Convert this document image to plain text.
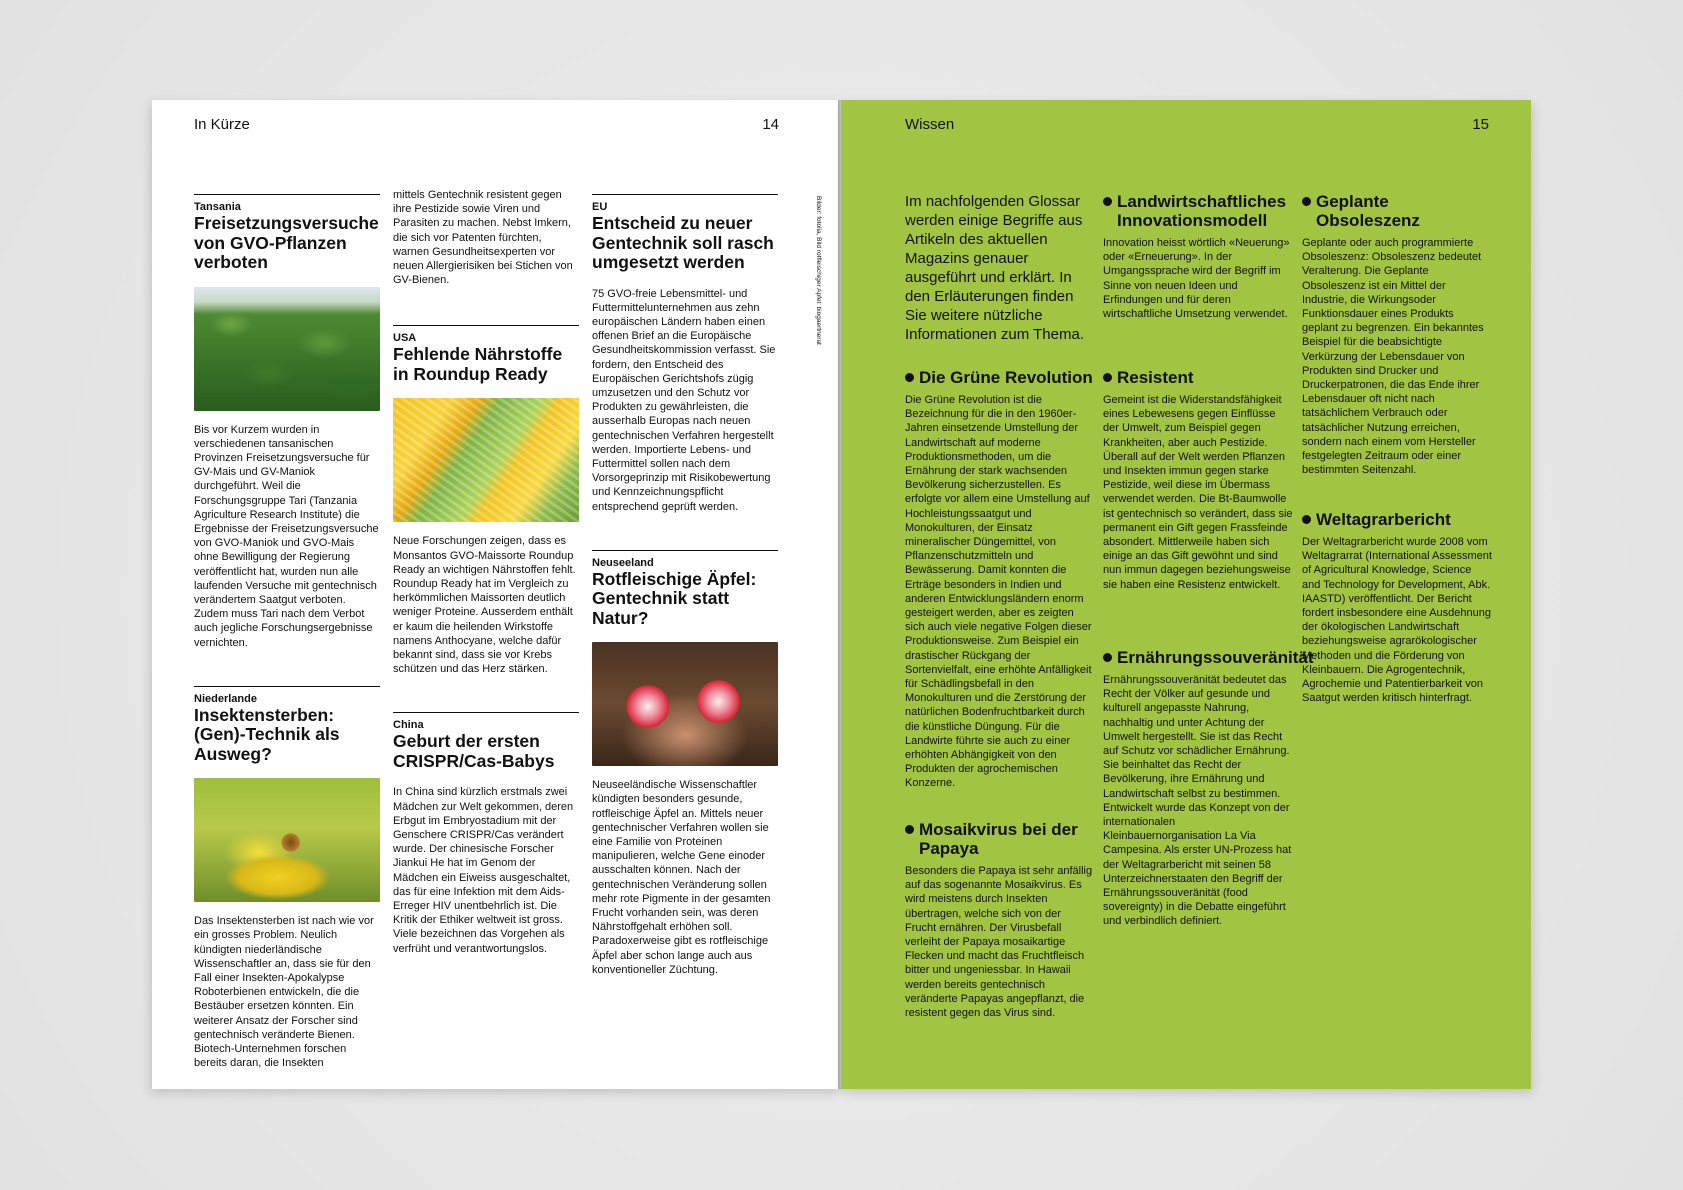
In Kürze	14

Tansania

Freisetzungsversuche von GVO-Pflanzen verboten

Bis vor Kurzem wurden in verschiedenen tansanischen Provinzen Freisetzungsversuche für GV-Mais und GV-Maniok durchgeführt. Weil die Forschungsgruppe Tari (Tanzania Agriculture Research Institute) die Ergebnisse der Freisetzungsversuche von GVO-Maniok und GVO-Mais ohne Bewilligung der Regierung veröffentlicht hat, wurden nun alle laufenden Versuche mit gentechnisch verändertem Saatgut verboten. Zudem muss Tari nach dem Verbot auch jegliche Forschungsergebnisse vernichten.

Niederlande

Insektensterben: (Gen)-Technik als Ausweg?

Das Insektensterben ist nach wie vor ein grosses Problem. Neulich kündigten niederländische Wissenschaftler an, dass sie für den Fall einer Insekten-Apokalypse Roboterbienen entwickeln, die die Bestäuber ersetzen könnten. Ein weiterer Ansatz der Forscher sind gentechnisch veränderte Bienen. Biotech-Unternehmen forschen bereits daran, die Insekten

mittels Gentechnik resistent gegen ihre Pestizide sowie Viren und Parasiten zu machen. Nebst Imkern, die sich vor Patenten fürchten, warnen Gesundheitsexperten vor neuen Allergierisiken bei Stichen von GV-Bienen.

USA

Fehlende Nährstoffe in Roundup Ready

Neue Forschungen zeigen, dass es Monsantos GVO-Maissorte Roundup Ready an wichtigen Nährstoffen fehlt. Roundup Ready hat im Vergleich zu herkömmlichen Maissorten deutlich weniger Proteine. Ausserdem enthält er kaum die heilenden Wirkstoffe namens Anthocyane, welche dafür bekannt sind, dass sie vor Krebs schützen und das Herz stärken.

China

Geburt der ersten CRISPR/Cas-Babys

In China sind kürzlich erstmals zwei Mädchen zur Welt gekommen, deren Erbgut im Embryostadium mit der Genschere CRISPR/Cas verändert wurde. Der chinesische Forscher Jiankui He hat im Genom der Mädchen ein Eiweiss ausgeschaltet, das für eine Infektion mit dem Aids-Erreger HIV unentbehrlich ist. Die Kritik der Ethiker weltweit ist gross. Viele bezeichnen das Vorgehen als verfrüht und verantwortungslos.

EU

Entscheid zu neuer Gentechnik soll rasch umgesetzt werden

75 GVO-freie Lebensmittel- und Futtermittelunternehmen aus zehn europäischen Ländern haben einen offenen Brief an die Europäische Gesundheitskommission verfasst. Sie fordern, den Entscheid des Europäischen Gerichtshofs zügig umzusetzen und den Schutz vor Produkten zu gewährleisten, die ausserhalb Europas nach neuen gentechnischen Verfahren hergestellt werden. Importierte Lebens- und Futtermittel sollen nach dem Vorsorgeprinzip mit Risikobewertung und Kennzeichnungspflicht entsprechend geprüft werden.

Neuseeland

Rotfleischige Äpfel: Gentechnik statt Natur?

Neuseeländische Wissenschaftler kündigten besonders gesunde, rotfleischige Äpfel an. Mittels neuer gentechnischer Verfahren wollen sie eine Familie von Proteinen manipulieren, welche Gene einoder ausschalten können. Nach der gentechnischen Veränderung sollen mehr rote Pigmente in der gesamten Frucht vorhanden sein, was deren Nährstoffgehalt erhöhen soll. Paradoxerweise gibt es rotfleischige Äpfel aber schon lange auch aus konventioneller Züchtung.

Bilder: fotolia, Bild rotfleischiger Apfel: biogaertnerat
Wissen	15

Im nachfolgenden Glossar werden einige Begriffe aus Artikeln des aktuellen Magazins genauer ausgeführt und erklärt. In den Erläuterungen finden Sie weitere nützliche Informationen zum Thema.

Die Grüne Revolution

Die Grüne Revolution ist die Bezeichnung für die in den 1960er-Jahren einsetzende Umstellung der Landwirtschaft auf moderne Produktionsmethoden, um die Ernährung der stark wachsenden Bevölkerung sicherzustellen. Es erfolgte vor allem eine Umstellung auf Hochleistungssaatgut und Monokulturen, der Einsatz mineralischer Düngemittel, von Pflanzenschutzmitteln und Bewässerung. Damit konnten die Erträge besonders in Indien und anderen Entwicklungsländern enorm gesteigert werden, aber es zeigten sich auch viele negative Folgen dieser Produktionsweise. Zum Beispiel ein drastischer Rückgang der Sortenvielfalt, eine erhöhte Anfälligkeit für Schädlingsbefall in den Monokulturen und die Zerstörung der natürlichen Bodenfruchtbarkeit durch die künstliche Düngung. Für die Landwirte führte sie auch zu einer erhöhten Abhängigkeit von den Produkten der agrochemischen Konzerne.

Mosaikvirus bei der Papaya

Besonders die Papaya ist sehr anfällig auf das sogenannte Mosaikvirus. Es wird meistens durch Insekten übertragen, welche sich von der Frucht ernähren. Der Virusbefall verleiht der Papaya mosaikartige Flecken und macht das Fruchtfleisch bitter und ungeniessbar. In Hawaii werden bereits gentechnisch veränderte Papayas angepflanzt, die resistent gegen das Virus sind.

Landwirtschaftliches Innovationsmodell

Innovation heisst wörtlich «Neuerung» oder «Erneuerung». In der Umgangssprache wird der Begriff im Sinne von neuen Ideen und Erfindungen und für deren wirtschaftliche Umsetzung verwendet.

Resistent

Gemeint ist die Widerstandsfähigkeit eines Lebewesens gegen Einflüsse der Umwelt, zum Beispiel gegen Krankheiten, aber auch Pestizide. Überall auf der Welt werden Pflanzen und Insekten immun gegen starke Pestizide, weil diese im Übermass verwendet werden. Die Bt-Baumwolle ist gentechnisch so verändert, dass sie permanent ein Gift gegen Frassfeinde absondert. Mittlerweile haben sich einige an das Gift gewöhnt und sind nun immun dagegen beziehungsweise sie haben eine Resistenz entwickelt.

Ernährungssouveränität

Ernährungssouveränität bedeutet das Recht der Völker auf gesunde und kulturell angepasste Nahrung, nachhaltig und unter Achtung der Umwelt hergestellt. Sie ist das Recht auf Schutz vor schädlicher Ernährung. Sie beinhaltet das Recht der Bevölkerung, ihre Ernährung und Landwirtschaft selbst zu bestimmen. Entwickelt wurde das Konzept von der internationalen Kleinbauernorganisation La Via Campesina. Als erster UN-Prozess hat der Weltagrarbericht mit seinen 58 Unterzeichnerstaaten den Begriff der Ernährungssouveränität (food sovereignty) in die Debatte eingeführt und verbindlich definiert.

Geplante Obsoleszenz

Geplante oder auch programmierte Obsoleszenz: Obsoleszenz bedeutet Veralterung. Die Geplante Obsoleszenz ist ein Mittel der Industrie, die Wirkungsoder Funktionsdauer eines Produkts geplant zu begrenzen. Ein bekanntes Beispiel für die beabsichtigte Verkürzung der Lebensdauer von Produkten sind Drucker und Druckerpatronen, die das Ende ihrer Lebensdauer oft nicht nach tatsächlichem Verbrauch oder tatsächlicher Nutzung erreichen, sondern nach einem vom Hersteller festgelegten Zeitraum oder einer bestimmten Seitenzahl.

Weltagrarbericht

Der Weltagrarbericht wurde 2008 vom Weltagrarrat (International Assessment of Agricultural Knowledge, Science and Technology for Development, Abk. IAASTD) veröffentlicht. Der Bericht fordert insbesondere eine Ausdehnung der ökologischen Landwirtschaft beziehungsweise agrarökologischer Methoden und die Förderung von Kleinbauern. Die Agrogentechnik, Agrochemie und Patentierbarkeit von Saatgut werden kritisch hinterfragt.
